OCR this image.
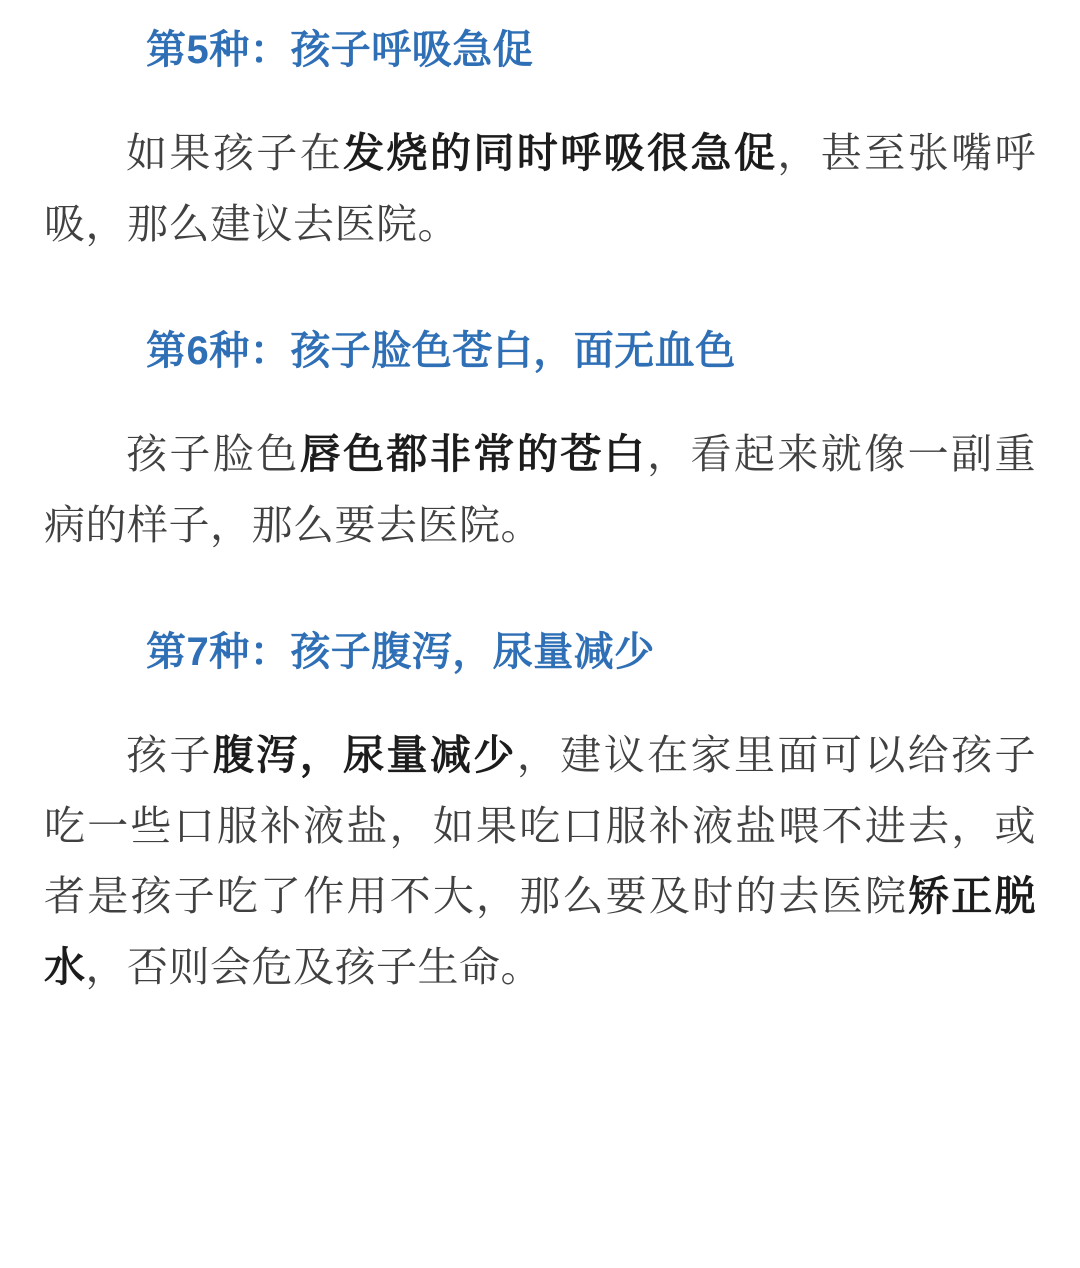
第5种：孩子呼吸急促

如果孩子在发烧的同时呼吸很急促，甚至张嘴呼吸，那么建议去医院。

第6种：孩子脸色苍白，面无血色

孩子脸色唇色都非常的苍白，看起来就像一副重病的样子，那么要去医院。

第7种：孩子腹泻，尿量减少

孩子腹泻，尿量减少，建议在家里面可以给孩子吃一些口服补液盐，如果吃口服补液盐喂不进去，或者是孩子吃了作用不大，那么要及时的去医院矫正脱水，否则会危及孩子生命。
